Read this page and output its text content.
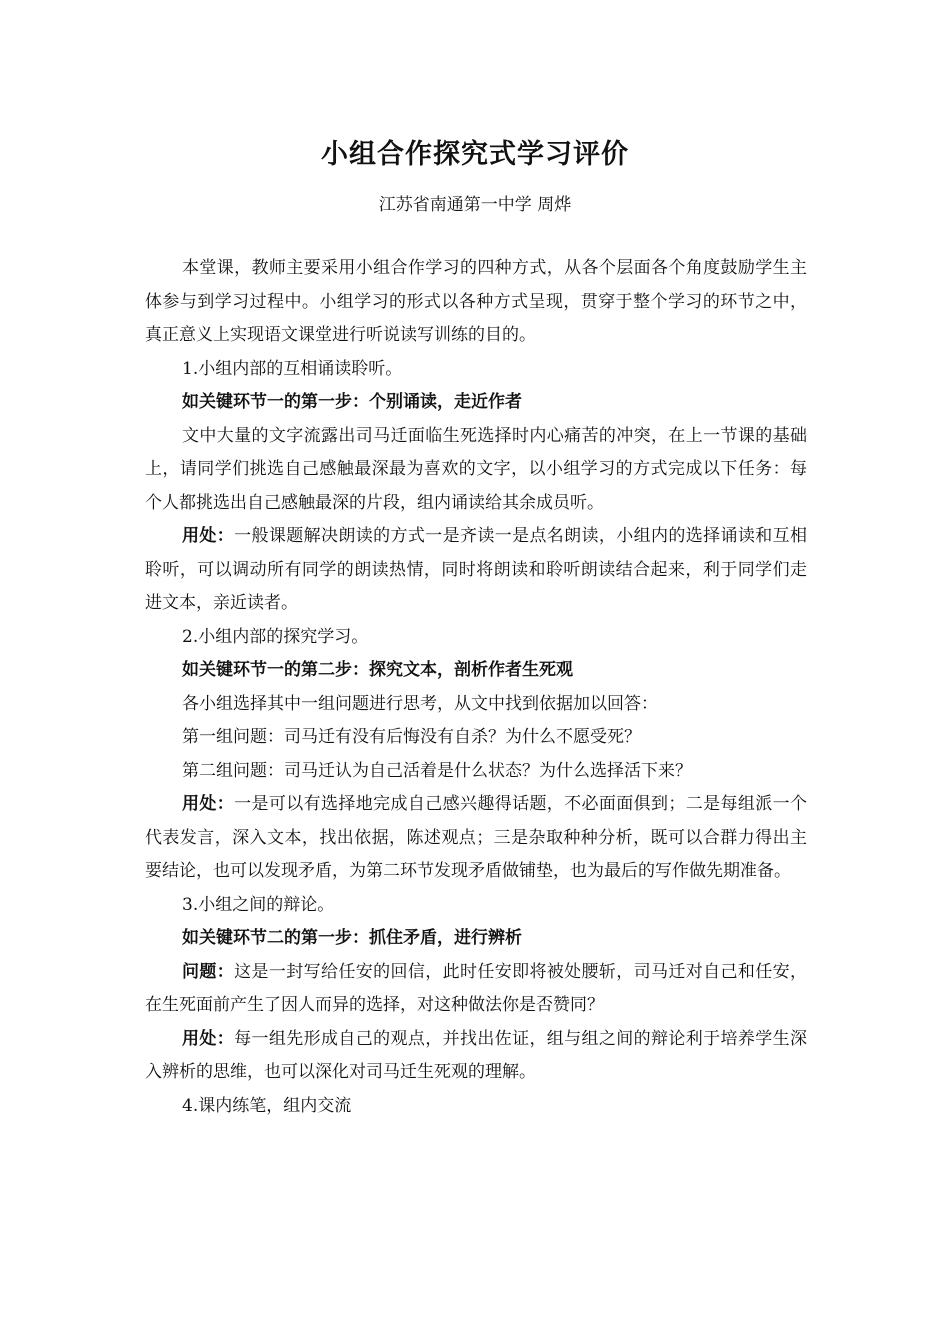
小组合作探究式学习评价
江苏省南通第一中学 周烨

本堂课，教师主要采用小组合作学习的四种方式，从各个层面各个角度鼓励学生主体参与到学习过程中。小组学习的形式以各种方式呈现，贯穿于整个学习的环节之中，真正意义上实现语文课堂进行听说读写训练的目的。

1.小组内部的互相诵读聆听。

如关键环节一的第一步：个别诵读，走近作者

文中大量的文字流露出司马迁面临生死选择时内心痛苦的冲突，在上一节课的基础上，请同学们挑选自己感触最深最为喜欢的文字，以小组学习的方式完成以下任务：每个人都挑选出自己感触最深的片段，组内诵读给其余成员听。

用处：一般课题解决朗读的方式一是齐读一是点名朗读，小组内的选择诵读和互相聆听，可以调动所有同学的朗读热情，同时将朗读和聆听朗读结合起来，利于同学们走进文本，亲近读者。

2.小组内部的探究学习。

如关键环节一的第二步：探究文本，剖析作者生死观

各小组选择其中一组问题进行思考，从文中找到依据加以回答：

第一组问题：司马迁有没有后悔没有自杀？为什么不愿受死？

第二组问题：司马迁认为自己活着是什么状态？为什么选择活下来？

用处：一是可以有选择地完成自己感兴趣得话题，不必面面俱到；二是每组派一个代表发言，深入文本，找出依据，陈述观点；三是杂取种种分析，既可以合群力得出主要结论，也可以发现矛盾，为第二环节发现矛盾做铺垫，也为最后的写作做先期准备。

3.小组之间的辩论。

如关键环节二的第一步：抓住矛盾，进行辨析

问题：这是一封写给任安的回信，此时任安即将被处腰斩，司马迁对自己和任安，在生死面前产生了因人而异的选择，对这种做法你是否赞同？

用处：每一组先形成自己的观点，并找出佐证，组与组之间的辩论利于培养学生深入辨析的思维，也可以深化对司马迁生死观的理解。

4.课内练笔，组内交流
